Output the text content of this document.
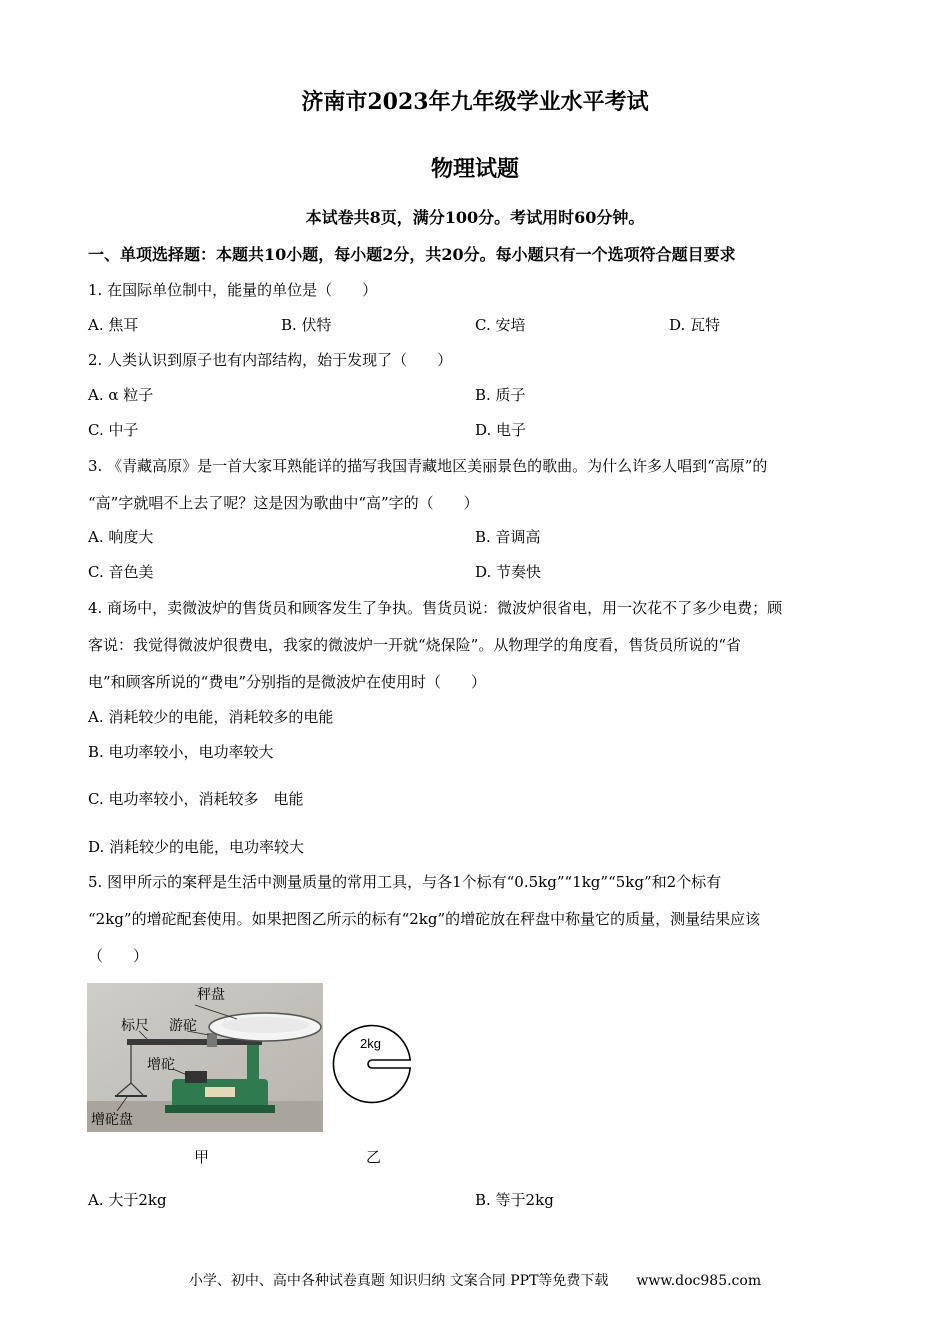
济南市2023年九年级学业水平考试
物理试题
本试卷共8页，满分100分。考试用时60分钟。
一、单项选择题：本题共10小题，每小题2分，共20分。每小题只有一个选项符合题目要求
1. 在国际单位制中，能量的单位是（　　）
A. 焦耳	B. 伏特	C. 安培	D. 瓦特
2. 人类认识到原子也有内部结构，始于发现了（　　）
A. α 粒子	B. 质子
C. 中子	D. 电子
3. 《青藏高原》是一首大家耳熟能详的描写我国青藏地区美丽景色的歌曲。为什么许多人唱到“高原”的
“高”字就唱不上去了呢？这是因为歌曲中“高”字的（　　）
A. 响度大	B. 音调高
C. 音色美	D. 节奏快
4. 商场中，卖微波炉的售货员和顾客发生了争执。售货员说：微波炉很省电，用一次花不了多少电费；顾
客说：我觉得微波炉很费电，我家的微波炉一开就“烧保险”。从物理学的角度看，售货员所说的“省
电”和顾客所说的“费电”分别指的是微波炉在使用时（　　）
A. 消耗较少的电能，消耗较多的电能
B. 电功率较小，电功率较大
C. 电功率较小，消耗较多　电能
D. 消耗较少的电能，电功率较大
5. 图甲所示的案秤是生活中测量质量的常用工具，与各1个标有“0.5kg”“1kg”“5kg”和2个标有
“2kg”的增砣配套使用。如果把图乙所示的标有“2kg”的增砣放在秤盘中称量它的质量，测量结果应该
（　　）
秤盘
标尺 游砣
增砣
增砣盘
2kg
甲	乙
A. 大于2kg	B. 等于2kg
小学、初中、高中各种试卷真题 知识归纳 文案合同 PPT等免费下载　　www.doc985.com
